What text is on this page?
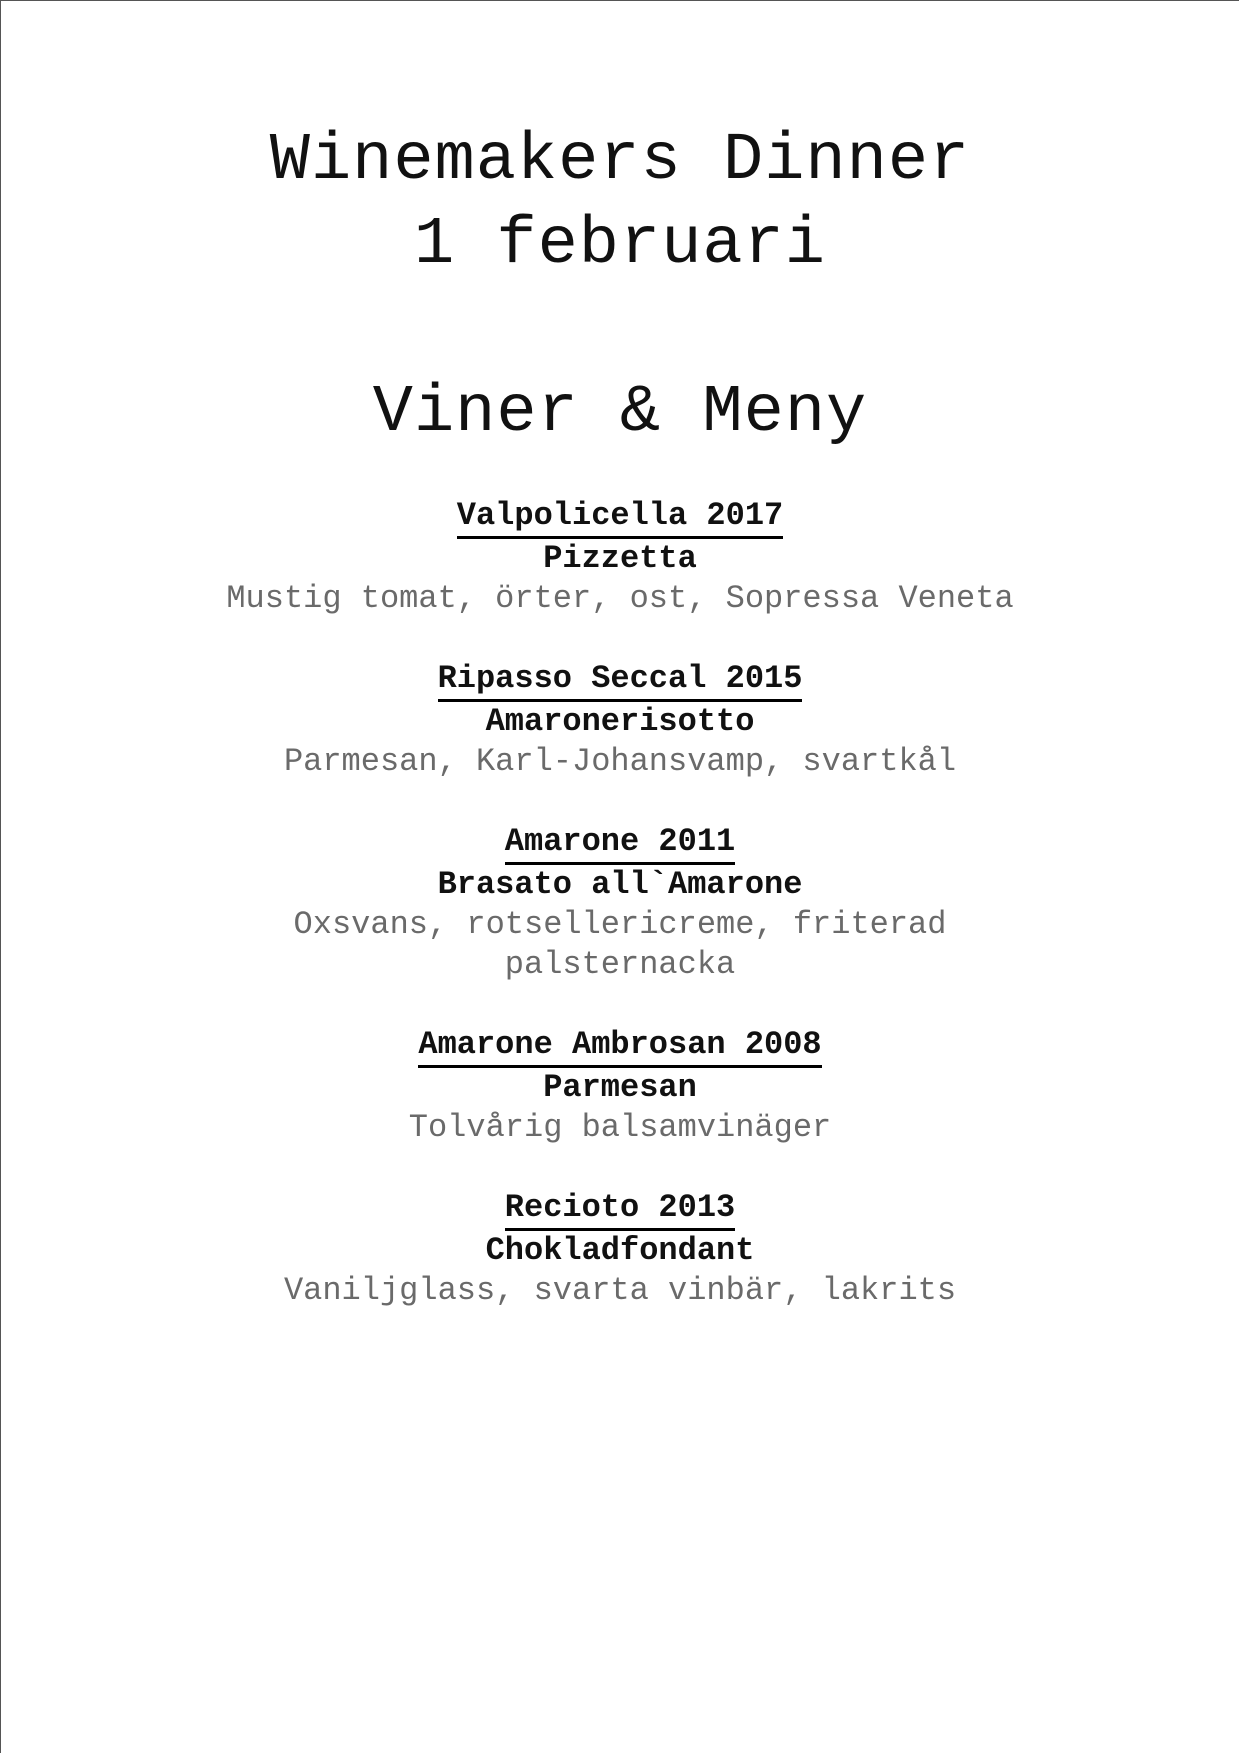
Winemakers Dinner
1 februari
Viner & Meny
Valpolicella 2017
Pizzetta
Mustig tomat, örter, ost, Sopressa Veneta
Ripasso Seccal 2015
Amaronerisotto
Parmesan, Karl-Johansvamp, svartkål
Amarone 2011
Brasato all`Amarone
Oxsvans, rotsellericreme, friterad
palsternacka
Amarone Ambrosan 2008
Parmesan
Tolvårig balsamvinäger
Recioto 2013
Chokladfondant
Vaniljglass, svarta vinbär, lakrits
